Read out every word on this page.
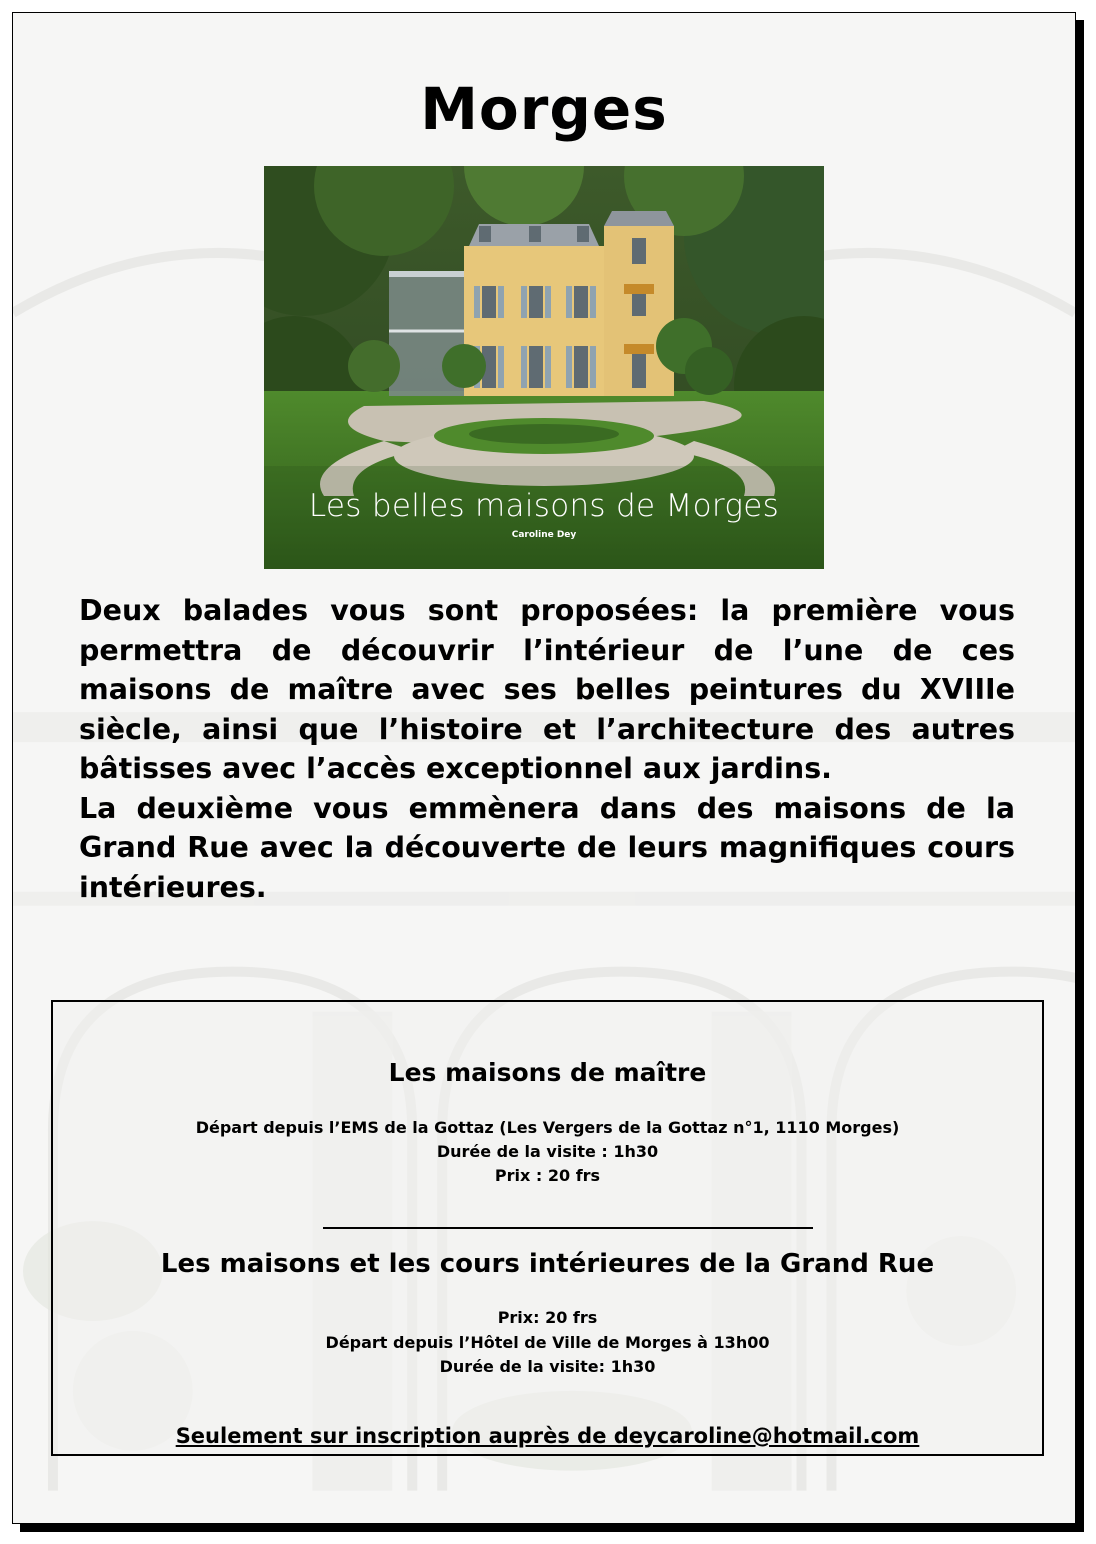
Morges
Les belles maisons de Morges
Caroline Dey

Deux balades vous sont proposées: la première vous permettra de découvrir l’intérieur de l’une de ces maisons de maître avec ses belles peintures du XVIIIe siècle, ainsi que l’histoire et l’architecture des autres bâtisses avec l’accès exceptionnel aux jardins.

La deuxième vous emmènera dans des maisons de la Grand Rue avec la découverte de leurs magnifiques cours intérieures.

Les maisons de maître
Départ depuis l’EMS de la Gottaz (Les Vergers de la Gottaz n°1, 1110 Morges)
Durée de la visite : 1h30
Prix : 20 frs
Les maisons et les cours intérieures de la Grand Rue
Prix: 20 frs
Départ depuis l’Hôtel de Ville de Morges à 13h00
Durée de la visite: 1h30
Seulement sur inscription auprès de deycaroline@hotmail.com
